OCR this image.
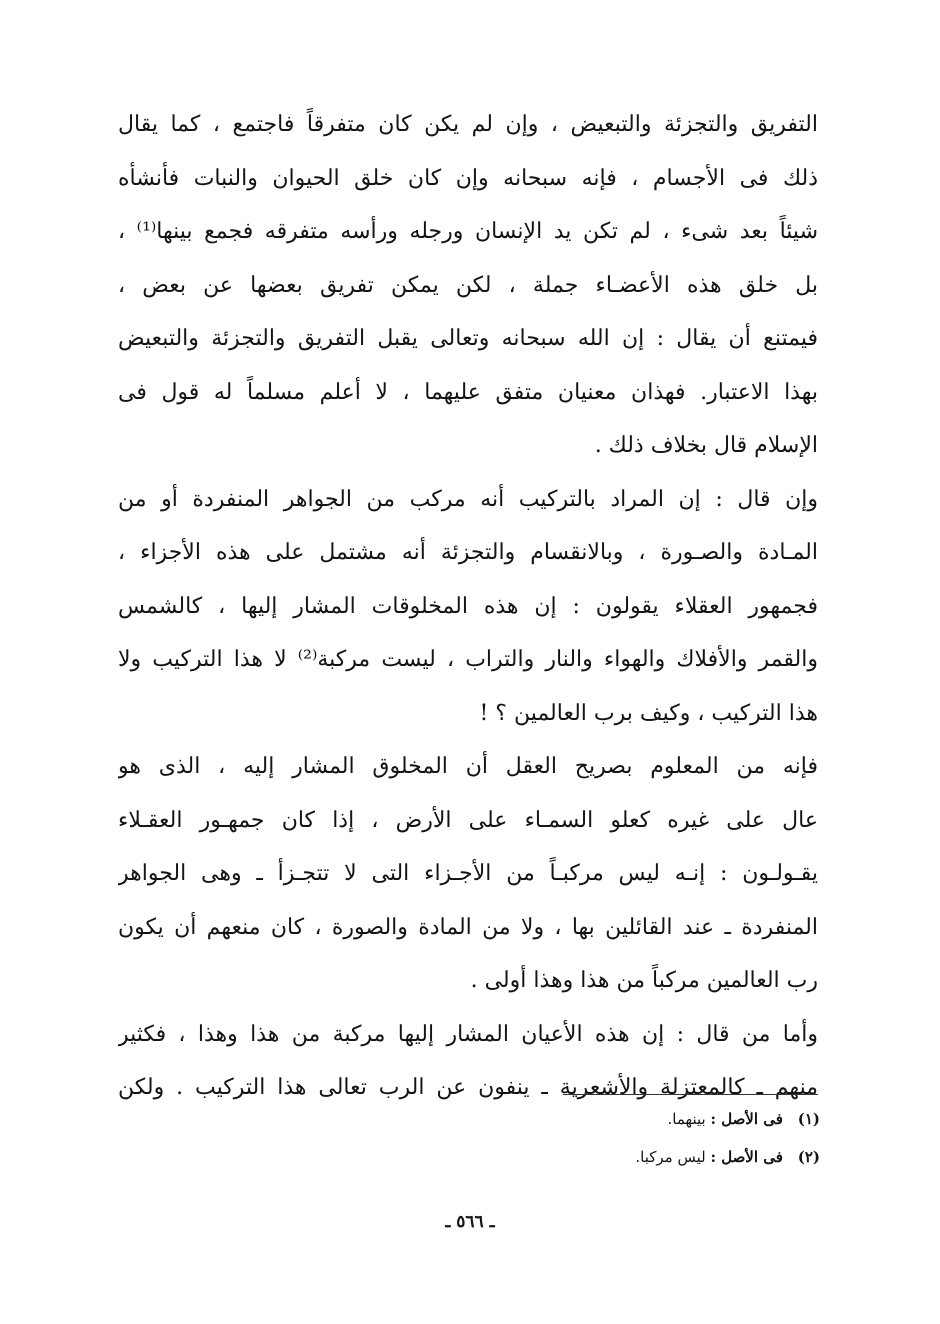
التفريق والتجزئة والتبعيض ، وإن لم يكن كان متفرقاً فاجتمع ، كما يقال
ذلك فى الأجسام ، فإنه سبحانه وإن كان خلق الحيوان والنبات فأنشأه
شيئاً بعد شىء ، لم تكن يد الإنسان ورجله ورأسه متفرقه فجمع بينها⁽¹⁾ ،
بل خلق هذه الأعضـاء جملة ، لكن يمكن تفريق بعضها عن بعض ،
فيمتنع أن يقال : إن الله سبحانه وتعالى يقبل التفريق والتجزئة والتبعيض
بهذا الاعتبار. فهذان معنيان متفق عليهما ، لا أعلم مسلماً له قول فى
الإسلام قال بخلاف ذلك .
وإن قال : إن المراد بالتركيب أنه مركب من الجواهر المنفردة أو من
المـادة والصـورة ، وبالانقسام والتجزئة أنه مشتمل على هذه الأجزاء ،
فجمهور العقلاء يقولون : إن هذه المخلوقات المشار إليها ، كالشمس
والقمر والأفلاك والهواء والنار والتراب ، ليست مركبة⁽²⁾ لا هذا التركيب ولا
هذا التركيب ، وكيف برب العالمين ؟ !
فإنه من المعلوم بصريح العقل أن المخلوق المشار إليه ، الذى هو
عال على غيره كعلو السمـاء على الأرض ، إذا كان جمهـور العقـلاء
يقـولـون : إنـه ليس مركبـاً من الأجـزاء التى لا تتجـزأ ـ وهى الجواهر
المنفردة ـ عند القائلين بها ، ولا من المادة والصورة ، كان منعهم أن يكون
رب العالمين مركباً من هذا وهذا أولى .
وأما من قال : إن هذه الأعيان المشار إليها مركبة من هذا وهذا ، فكثير
منهم ـ كالمعتزلة والأشعرية ـ ينفون عن الرب تعالى هذا التركيب . ولكن
(١) فى الأصل : بينهما.
(٢) فى الأصل : ليس مركبا.
ـ ٥٦٦ ـ
